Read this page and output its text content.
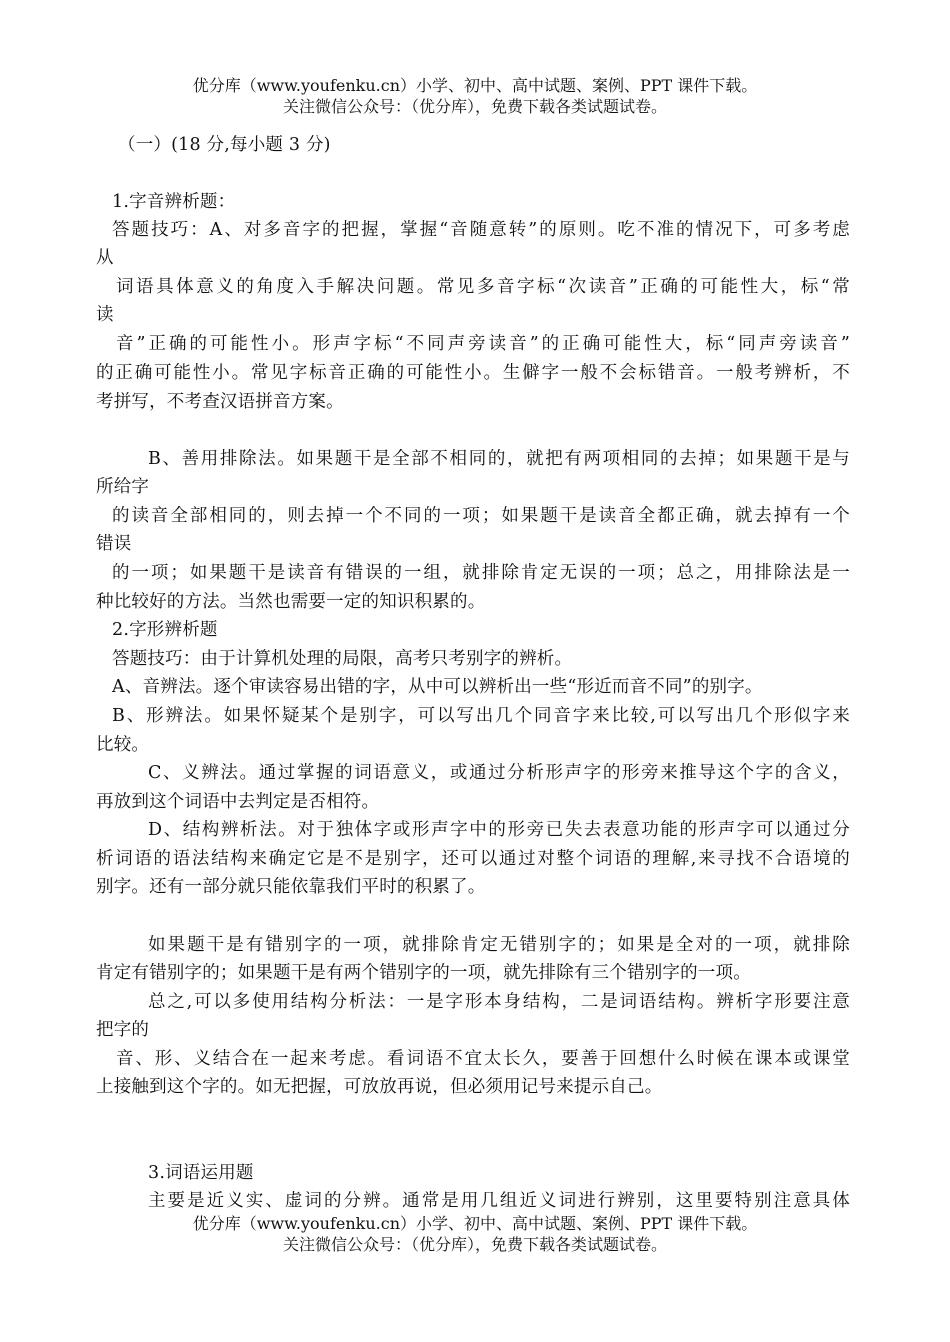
优分库（www.youfenku.cn）小学、初中、高中试题、案例、PPT 课件下载。
关注微信公众号：（优分库），免费下载各类试题试卷。
（一）(18 分,每小题 3 分)
1.字音辨析题：
答题技巧：A、对多音字的把握，掌握“音随意转”的原则。吃不准的情况下，可多考虑
从
词语具体意义的角度入手解决问题。常见多音字标“次读音”正确的可能性大，标“常
读
音”正确的可能性小。形声字标“不同声旁读音”的正确可能性大，标“同声旁读音”
的正确可能性小。常见字标音正确的可能性小。生僻字一般不会标错音。一般考辨析，不
考拼写，不考查汉语拼音方案。
B、善用排除法。如果题干是全部不相同的，就把有两项相同的去掉；如果题干是与
所给字
的读音全部相同的，则去掉一个不同的一项；如果题干是读音全都正确，就去掉有一个
错误
的一项；如果题干是读音有错误的一组，就排除肯定无误的一项；总之，用排除法是一
种比较好的方法。当然也需要一定的知识积累的。
2.字形辨析题
答题技巧：由于计算机处理的局限，高考只考别字的辨析。
A、音辨法。逐个审读容易出错的字，从中可以辨析出一些“形近而音不同”的别字。
B、形辨法。如果怀疑某个是别字，可以写出几个同音字来比较,可以写出几个形似字来
比较。
C、义辨法。通过掌握的词语意义，或通过分析形声字的形旁来推导这个字的含义，
再放到这个词语中去判定是否相符。
D、结构辨析法。对于独体字或形声字中的形旁已失去表意功能的形声字可以通过分
析词语的语法结构来确定它是不是别字，还可以通过对整个词语的理解,来寻找不合语境的
别字。还有一部分就只能依靠我们平时的积累了。
如果题干是有错别字的一项，就排除肯定无错别字的；如果是全对的一项，就排除
肯定有错别字的；如果题干是有两个错别字的一项，就先排除有三个错别字的一项。
总之,可以多使用结构分析法：一是字形本身结构，二是词语结构。辨析字形要注意
把字的
音、形、义结合在一起来考虑。看词语不宜太长久，要善于回想什么时候在课本或课堂
上接触到这个字的。如无把握，可放放再说，但必须用记号来提示自己。
3.词语运用题
主要是近义实、虚词的分辨。通常是用几组近义词进行辨别，这里要特别注意具体
优分库（www.youfenku.cn）小学、初中、高中试题、案例、PPT 课件下载。
关注微信公众号：（优分库），免费下载各类试题试卷。
